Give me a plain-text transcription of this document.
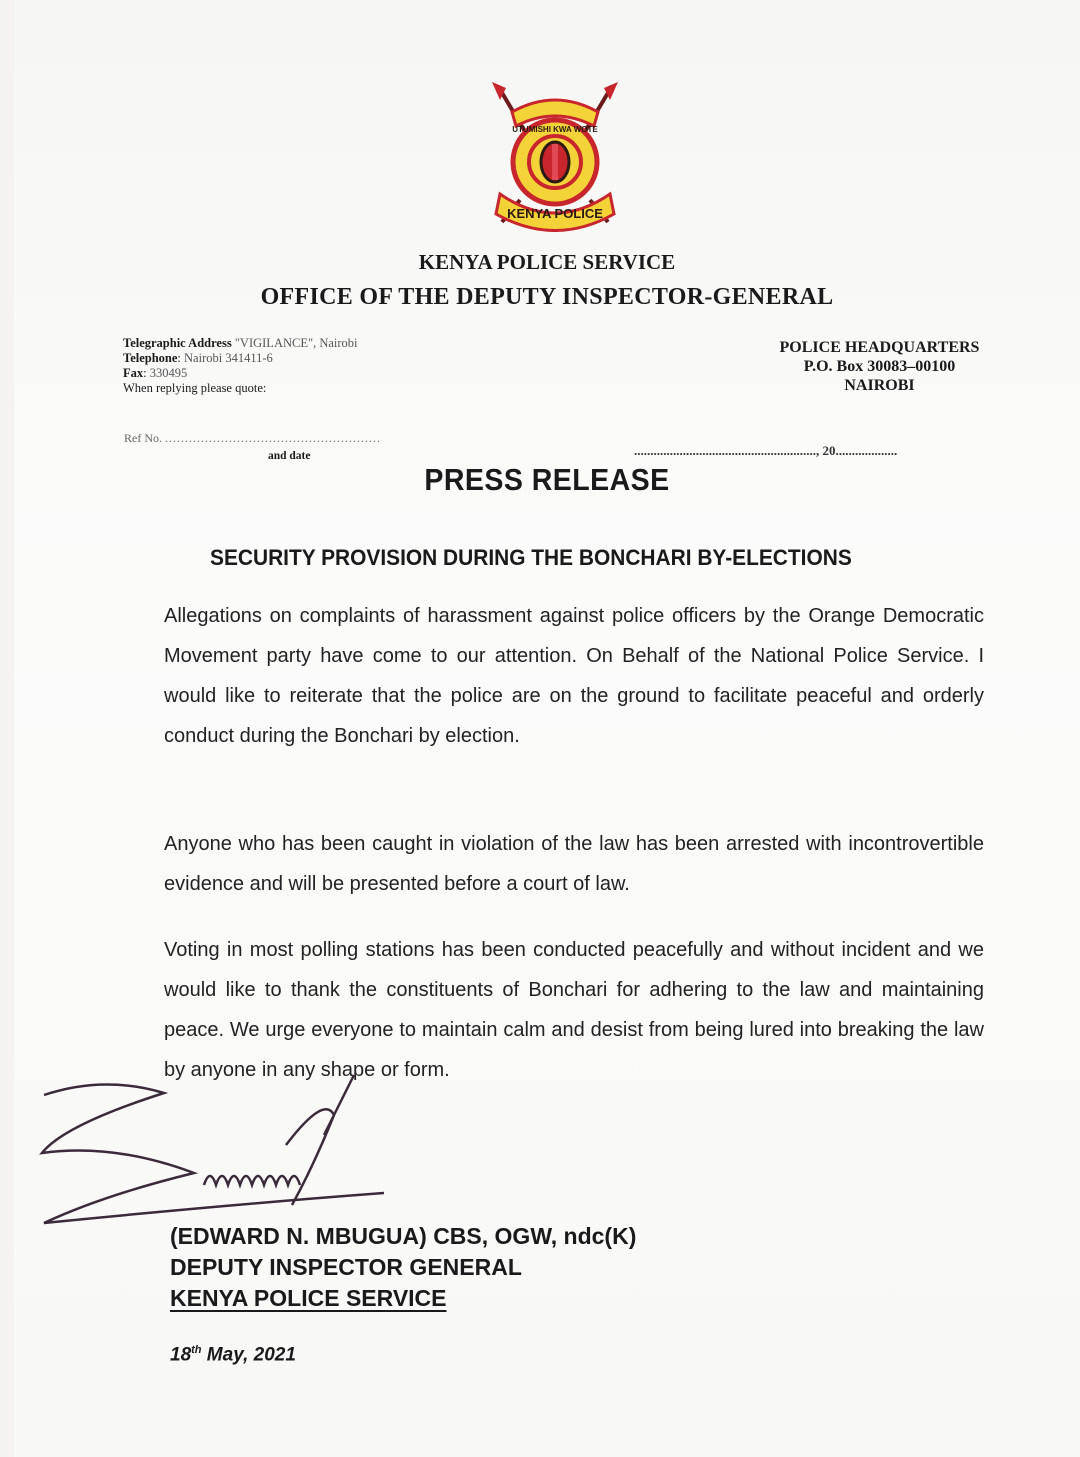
KENYA POLICE
UTUMISHI KWA WOTE
KENYA POLICE SERVICE
OFFICE OF THE DEPUTY INSPECTOR-GENERAL
Telegraphic Address "VIGILANCE", Nairobi
Telephone: Nairobi 341411-6
Fax: 330495
When replying please quote:
POLICE HEADQUARTERS
P.O. Box 30083–00100
NAIROBI
Ref No. ......................................................
and date	........................................................, 20...................
PRESS RELEASE
SECURITY PROVISION DURING THE BONCHARI BY-ELECTIONS
Allegations on complaints of harassment against police officers by the Orange Democratic Movement party have come to our attention. On Behalf of the National Police Service. I would like to reiterate that the police are on the ground to facilitate peaceful and orderly conduct during the Bonchari by election.
Anyone who has been caught in violation of the law has been arrested with incontrovertible evidence and will be presented before a court of law.
Voting in most polling stations has been conducted peacefully and without incident and we would like to thank the constituents of Bonchari for adhering to the law and maintaining peace. We urge everyone to maintain calm and desist from being lured into breaking the law by anyone in any shape or form.
(EDWARD N. MBUGUA) CBS, OGW, ndc(K)
DEPUTY INSPECTOR GENERAL
KENYA POLICE SERVICE
18th May, 2021
